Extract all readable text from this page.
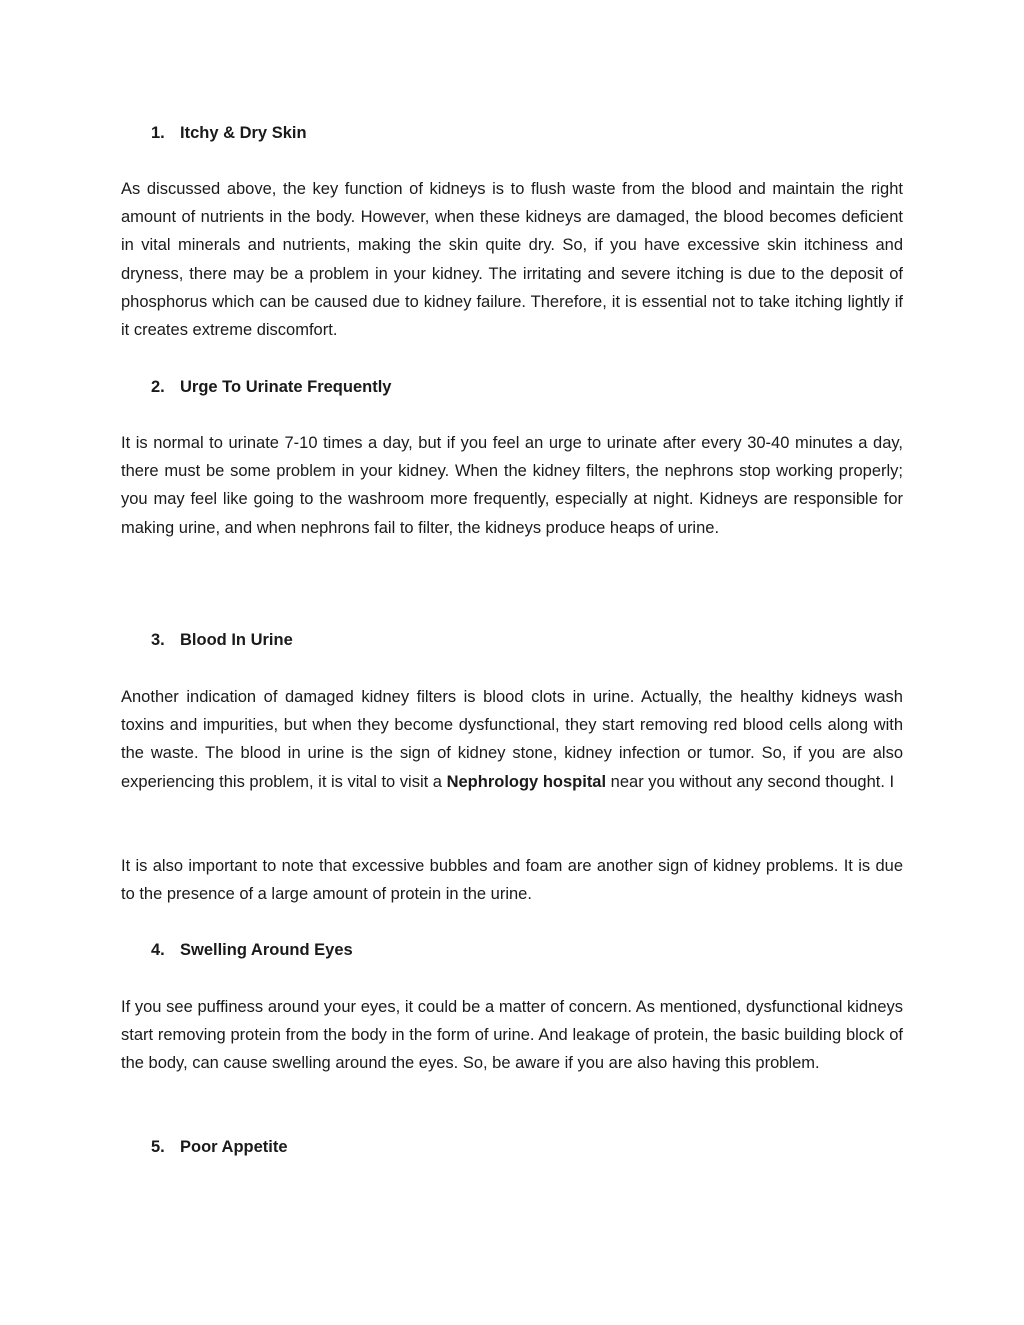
1. Itchy & Dry Skin
As discussed above, the key function of kidneys is to flush waste from the blood and maintain the right amount of nutrients in the body. However, when these kidneys are damaged, the blood becomes deficient in vital minerals and nutrients, making the skin quite dry. So, if you have excessive skin itchiness and dryness, there may be a problem in your kidney. The irritating and severe itching is due to the deposit of phosphorus which can be caused due to kidney failure. Therefore, it is essential not to take itching lightly if it creates extreme discomfort.
2. Urge To Urinate Frequently
It is normal to urinate 7-10 times a day, but if you feel an urge to urinate after every 30-40 minutes a day, there must be some problem in your kidney. When the kidney filters, the nephrons stop working properly; you may feel like going to the washroom more frequently, especially at night. Kidneys are responsible for making urine, and when nephrons fail to filter, the kidneys produce heaps of urine.
3. Blood In Urine
Another indication of damaged kidney filters is blood clots in urine. Actually, the healthy kidneys wash toxins and impurities, but when they become dysfunctional, they start removing red blood cells along with the waste. The blood in urine is the sign of kidney stone, kidney infection or tumor. So, if you are also experiencing this problem, it is vital to visit a Nephrology hospital near you without any second thought. I
It is also important to note that excessive bubbles and foam are another sign of kidney problems. It is due to the presence of a large amount of protein in the urine.
4. Swelling Around Eyes
If you see puffiness around your eyes, it could be a matter of concern. As mentioned, dysfunctional kidneys start removing protein from the body in the form of urine. And leakage of protein, the basic building block of the body, can cause swelling around the eyes. So, be aware if you are also having this problem.
5. Poor Appetite
